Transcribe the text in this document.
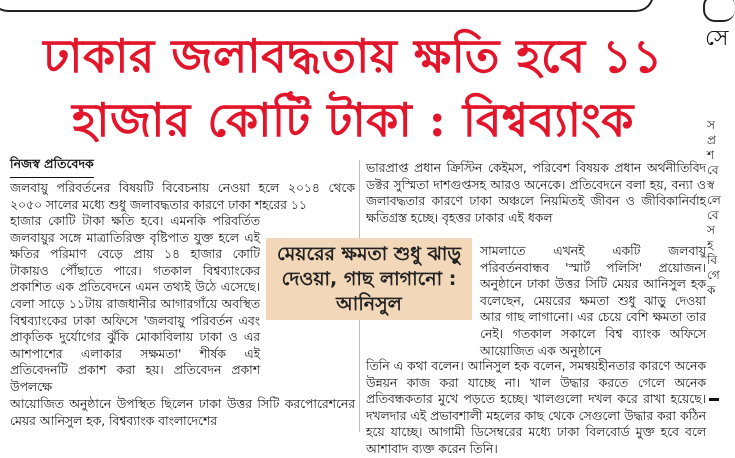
ঢাকার জলাবদ্ধতায় ক্ষতি হবে ১১
হাজার কোটি টাকা : বিশ্বব্যাংক
নিজস্ব প্রতিবেদক

জলবায়ু পরিবর্তনের বিষয়টি বিবেচনায় নেওয়া হলে ২০১৪ থেকে ২০৫০ সালের মধ্যে শুধু জলাবদ্ধতার কারণে ঢাকা শহরের ১১

হাজার কোটি টাকা ক্ষতি হবে। এমনকি পরিবর্তিত জলবায়ুর সঙ্গে মাত্রাতিরিক্ত বৃষ্টিপাত যুক্ত হলে এই ক্ষতির পরিমাণ বেড়ে প্রায় ১৪ হাজার কোটি টাকায়ও পৌঁছাতে পারে। গতকাল বিশ্বব্যাংকের প্রকাশিত এক প্রতিবেদনে এমন তথ্যই উঠে এসেছে। বেলা সাড়ে ১১টায় রাজধানীর আগারগাঁয়ে অবস্থিত বিশ্বব্যাংকের ঢাকা অফিসে 'জলবায়ু পরিবর্তন এবং প্রাকৃতিক দুর্যোগের ঝুঁকি মোকাবিলায় ঢাকা ও এর আশপাশের এলাকার সক্ষমতা' শীর্ষক এই প্রতিবেদনটি প্রকাশ করা হয়। প্রতিবেদন প্রকাশ উপলক্ষে

আয়োজিত অনুষ্ঠানে উপস্থিত ছিলেন ঢাকা উত্তর সিটি করপোরেশনের মেয়র আনিসুল হক, বিশ্বব্যাংক বাংলাদেশের

ভারপ্রাপ্ত প্রধান ক্রিস্টিন কেইমস, পরিবেশ বিষয়ক প্রধান অর্থনীতিবিদ ডক্টর সুস্মিতা দাশগুপ্তসহ আরও অনেকে। প্রতিবেদনে বলা হয়, বন্যা ও জলাবদ্ধতার কারণে ঢাকা অঞ্চলে নিয়মিতই জীবন ও জীবিকানির্বাহ ক্ষতিগ্রস্ত হচ্ছে। বৃহত্তর ঢাকার এই ধকল

সামলাতে এখনই একটি জলবায়ু পরিবর্তনবান্ধব 'স্মার্ট পলিসি' প্রয়োজন। অনুষ্ঠানে ঢাকা উত্তর সিটি মেয়র আনিসুল হক বলেছেন, মেয়রের ক্ষমতা শুধু ঝাড়ু দেওয়া আর গাছ লাগানো। এর চেয়ে বেশি ক্ষমতা তার নেই। গতকাল সকালে বিশ্ব ব্যাংক অফিসে আয়োজিত এক অনুষ্ঠানে

তিনি এ কথা বলেন। আনিসুল হক বলেন, সমন্বয়হীনতার কারণে অনেক উন্নয়ন কাজ করা যাচ্ছে না। খাল উদ্ধার করতে গেলে অনেক প্রতিবন্ধকতার মুখে পড়তে হচ্ছে। খালগুলো দখল করে রাখা হয়েছে। দখলদার এই প্রভাবশালী মহলের কাছ থেকে সেগুলো উদ্ধার করা কঠিন হয়ে যাচ্ছে। আগামী ডিসেম্বরের মধ্যে ঢাকা বিলবোর্ড মুক্ত হবে বলে আশাবাদ ব্যক্ত করেন তিনি।

মেয়রের ক্ষমতা শুধু ঝাড়ু দেওয়া, গাছ লাগানো : আনিসুল
সে
স
প্র
শ
বে
স্ব
লে
বে
স
হ
বি
গে
ক
